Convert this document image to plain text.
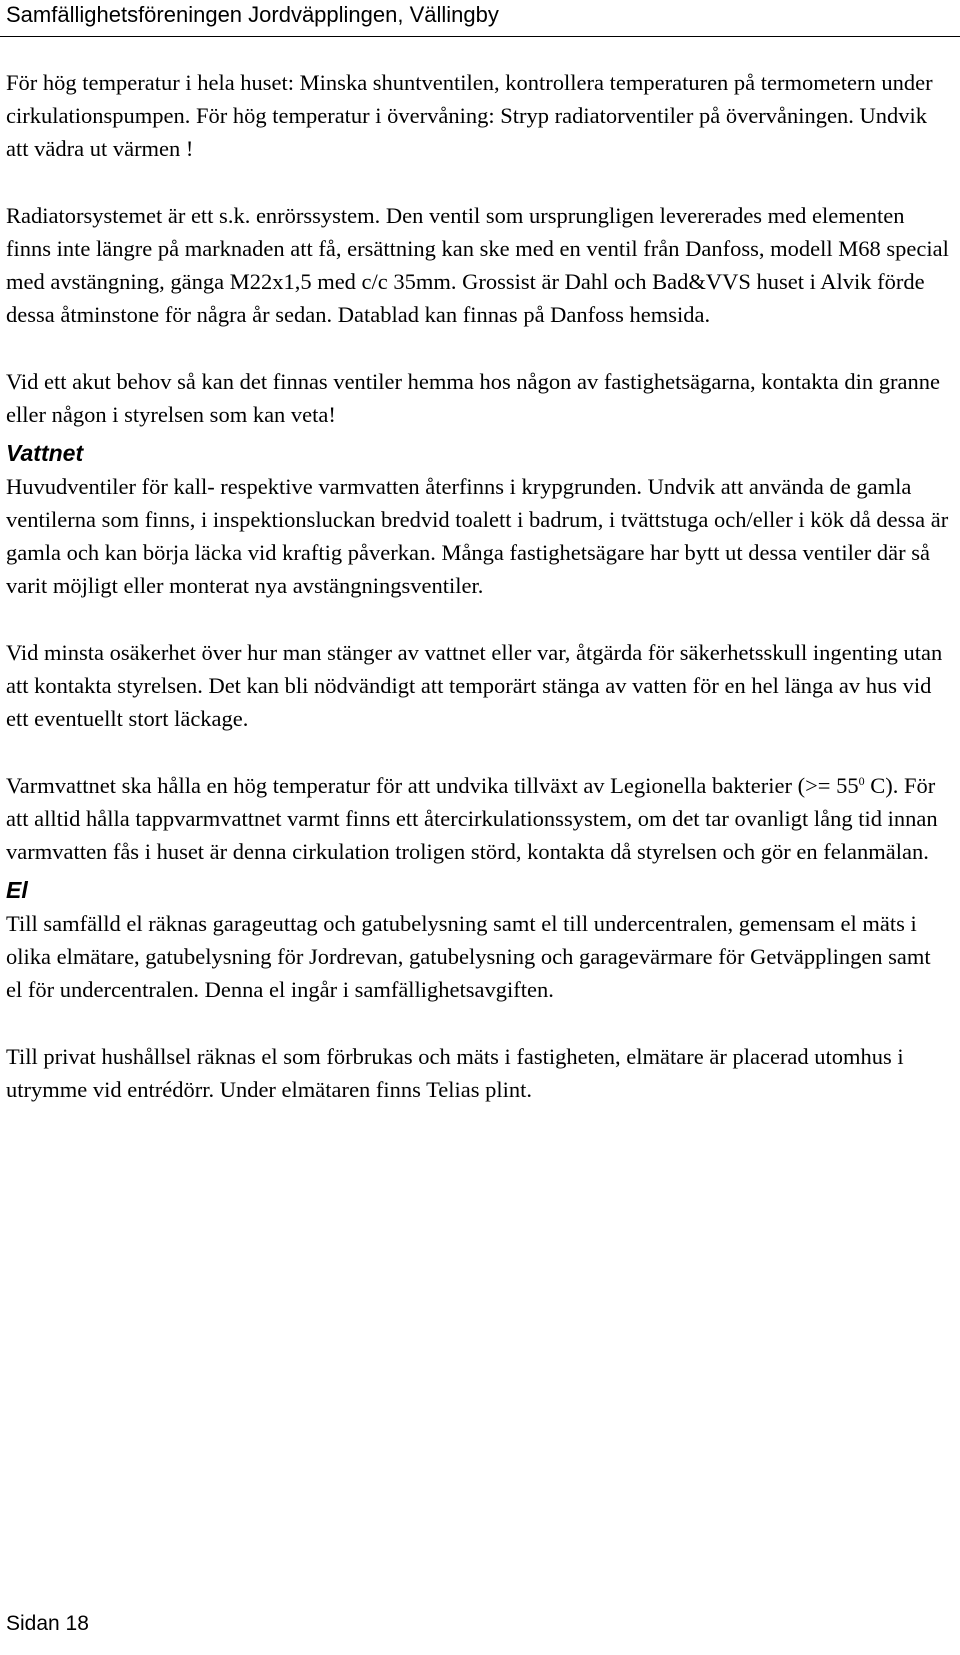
Samfällighetsföreningen Jordväpplingen, Vällingby

För hög temperatur i hela huset: Minska shuntventilen, kontrollera temperaturen på termometern under cirkulationspumpen. För hög temperatur i övervåning: Stryp radiatorventiler på övervåningen. Undvik att vädra ut värmen !

Radiatorsystemet är ett s.k. enrörssystem. Den ventil som ursprungligen levererades med elementen finns inte längre på marknaden att få, ersättning kan ske med en ventil från Danfoss, modell M68 special med avstängning, gänga M22x1,5 med c/c 35mm. Grossist är Dahl och Bad&VVS huset i Alvik förde dessa åtminstone för några år sedan. Datablad kan finnas på Danfoss hemsida.

Vid ett akut behov så kan det finnas ventiler hemma hos någon av fastighetsägarna, kontakta din granne eller någon i styrelsen som kan veta!

Vattnet

Huvudventiler för kall- respektive varmvatten återfinns i krypgrunden. Undvik att använda de gamla ventilerna som finns, i inspektionsluckan bredvid toalett i badrum, i tvättstuga och/eller i kök då dessa är gamla och kan börja läcka vid kraftig påverkan. Många fastighetsägare har bytt ut dessa ventiler där så varit möjligt eller monterat nya avstängningsventiler.

Vid minsta osäkerhet över hur man stänger av vattnet eller var, åtgärda för säkerhetsskull ingenting utan att kontakta styrelsen. Det kan bli nödvändigt att temporärt stänga av vatten för en hel länga av hus vid ett eventuellt stort läckage.

Varmvattnet ska hålla en hög temperatur för att undvika tillväxt av Legionella bakterier (>= $55^0$ C). För att alltid hålla tappvarmvattnet varmt finns ett återcirkulationssystem, om det tar ovanligt lång tid innan varmvatten fås i huset är denna cirkulation troligen störd, kontakta då styrelsen och gör en felanmälan.

El

Till samfälld el räknas garageuttag och gatubelysning samt el till undercentralen, gemensam el mäts i olika elmätare, gatubelysning för Jordrevan, gatubelysning och garagevärmare för Getväpplingen samt el för undercentralen. Denna el ingår i samfällighetsavgiften.

Till privat hushållsel räknas el som förbrukas och mäts i fastigheten, elmätare är placerad utomhus i utrymme vid entrédörr. Under elmätaren finns Telias plint.

Sidan 18
